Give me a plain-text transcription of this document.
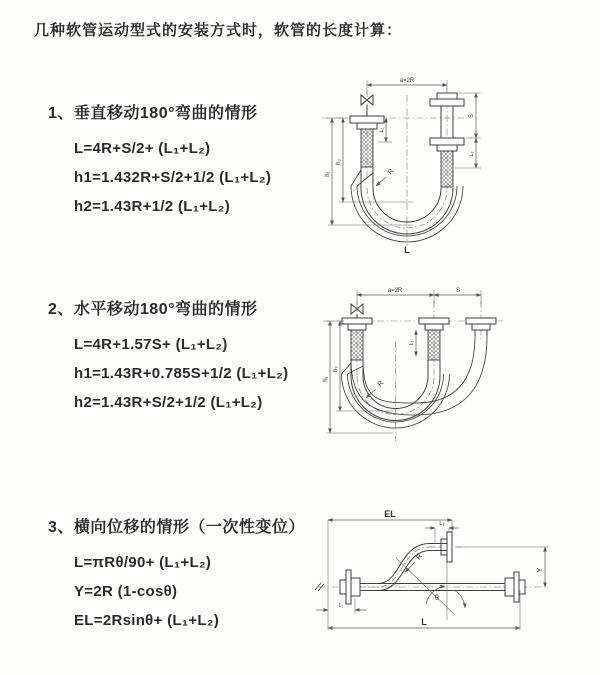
几种软管运动型式的安装方式时，软管的长度计算：
1、垂直移动180°弯曲的情形
L=4R+S/2+ (L₁+L₂)
h1=1.432R+S/2+1/2 (L₁+L₂)
h2=1.43R+1/2 (L₁+L₂)
2、水平移动180°弯曲的情形
L=4R+1.57S+ (L₁+L₂)
h1=1.43R+0.785S+1/2 (L₁+L₂)
h2=1.43R+S/2+1/2 (L₁+L₂)
3、横向位移的情形（一次性变位）
L=πRθ/90+ (L₁+L₂)
Y=2R (1-cosθ)
EL=2Rsinθ+ (L₁+L₂)
a=2R
h₁
h₂
L₁
S
L₂
R
L
a=2R	S
h₁
h₂
L₁
R
EL
L₂
θ
R
Y
L₁
L
